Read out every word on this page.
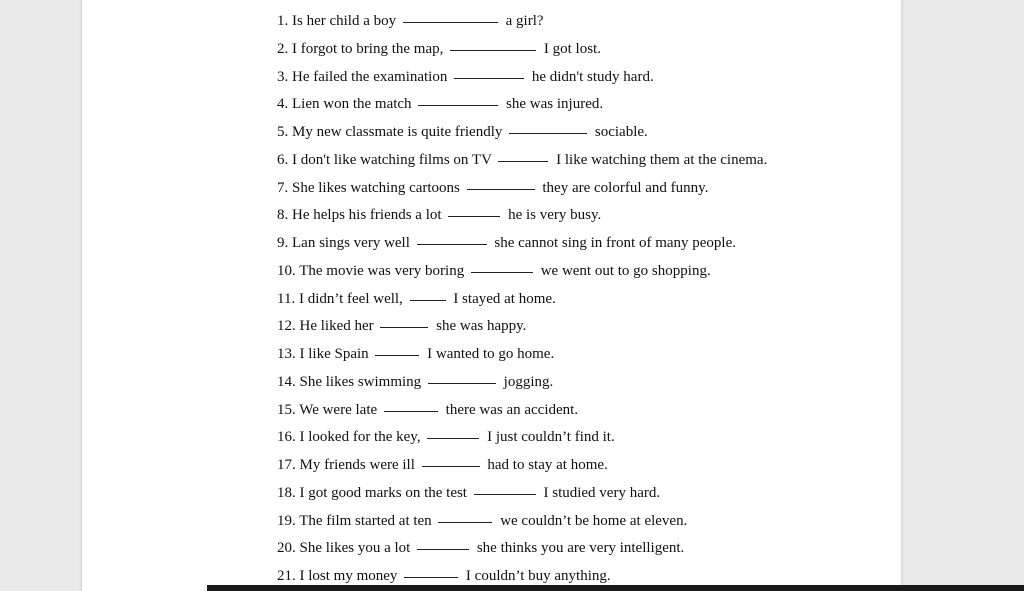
1. Is her child a boy	a girl?
2. I forgot to bring the map,	I got lost.
3. He failed the examination	he didn't study hard.
4. Lien won the match	she was injured.
5. My new classmate is quite friendly	sociable.
6. I don't like watching films on TV	I like watching them at the cinema.
7. She likes watching cartoons	they are colorful and funny.
8. He helps his friends a lot	he is very busy.
9. Lan sings very well	she cannot sing in front of many people.
10. The movie was very boring	we went out to go shopping.
11. I didn’t feel well,	I stayed at home.
12. He liked her	she was happy.
13. I like Spain	I wanted to go home.
14. She likes swimming	jogging.
15. We were late	there was an accident.
16. I looked for the key,	I just couldn’t find it.
17. My friends were ill	had to stay at home.
18. I got good marks on the test	I studied very hard.
19. The film started at ten	we couldn’t be home at eleven.
20. She likes you a lot	she thinks you are very intelligent.
21. I lost my money	I couldn’t buy anything.
